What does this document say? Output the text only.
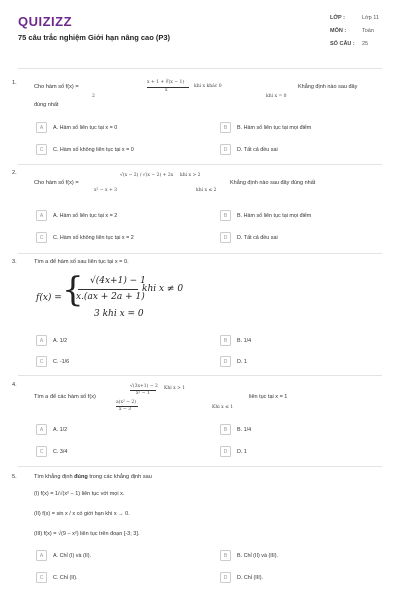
QUIZIZZ
75 câu trắc nghiệm Giới hạn nâng cao (P3)
LỚP :	Lớp 11
MÔN :	Toán
SỐ CÂU :	25
1.
Cho hàm số f(x) =
x + 1 + ∛(x − 1)
x
khi x khác 0
2	khi x = 0
Khẳng định nào sau đây
đúng nhất
A	A. Hàm số liên tục tại x = 0	B	B. Hàm số liên tục tại mọi điểm
C	C. Hàm số không liên tục tại x = 0	D	D. Tất cả đều sai
2.
Cho hàm số f(x) =
√(x − 2) / √(x − 2) + 2x khi x > 2
x² − x + 3	khi x ≤ 2
Khẳng định nào sau đây đúng nhất
A	A. Hàm số liên tục tại x = 2	B	B. Hàm số liên tục tại mọi điểm
C	C. Hàm số không liên tục tại x = 2	D	D. Tất cả đều sai
3.	Tìm a để hàm số sau liên tục tại x = 0.
f(x) = { √(4x+1) − 1
x.(ax + 2a + 1)
khi x ≠ 0
3 khi x = 0
A	A. 1/2	B	B. 1/4
C	C. -1/6	D	D. 1
4.
Tìm a để các hàm số f(x)
√(3x+1) − 2
x² − 1
Khi x > 1
a(x² − 2)
x − 3	Khi x ≤ 1
liên tục tại x = 1
A	A. 1/2	B	B. 1/4
C	C. 3/4	D	D. 1
5.	Tìm khẳng định đúng trong các khẳng định sau
(I) f(x) = 1/√(x² − 1) liên tục với mọi x.
(II) f(x) = sin x / x có giới hạn khi x → 0.
(III) f(x) = √(9 − x²) liên tục trên đoạn [-3; 3].
A	A. Chỉ (I) và (II).	B	B. Chỉ (II) và (III).
C	C. Chỉ (II).	D	D. Chỉ (III).
